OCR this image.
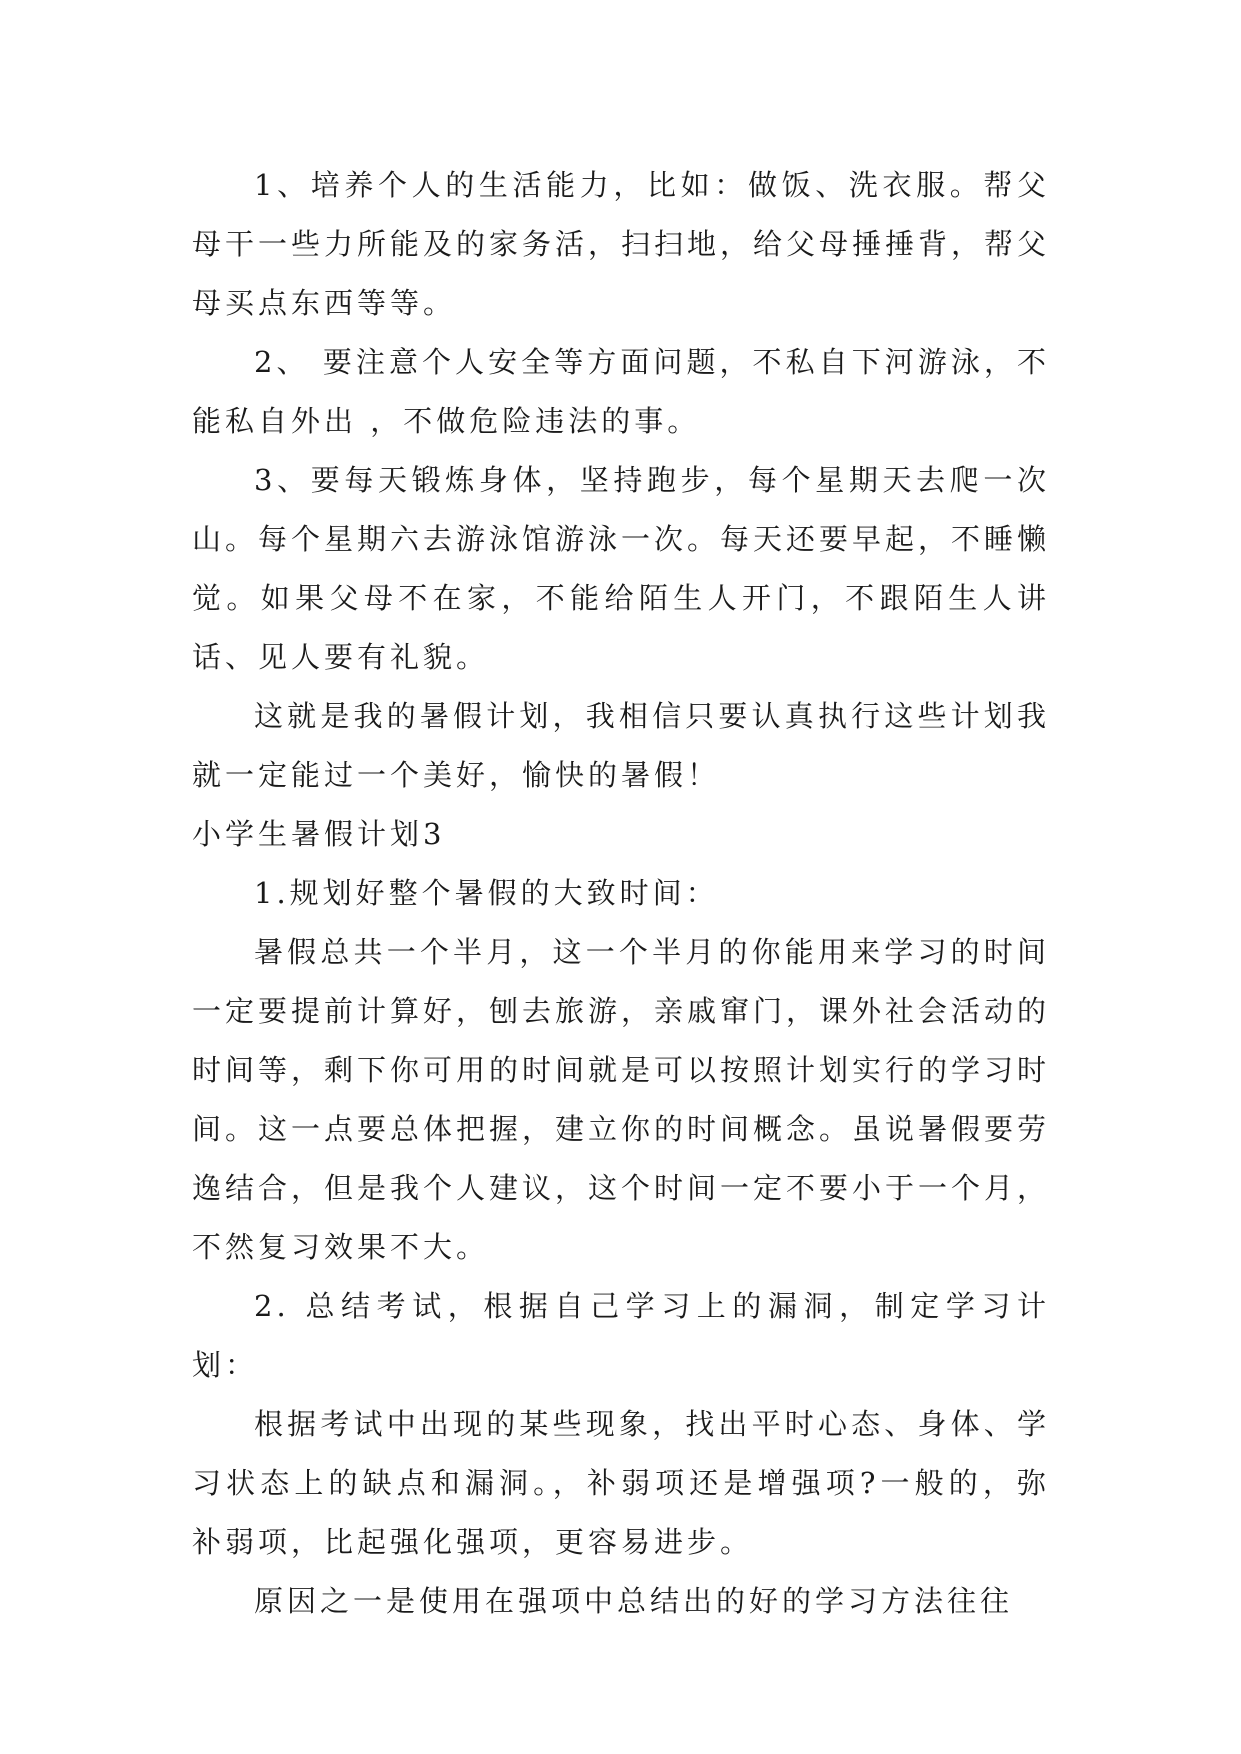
1、培养个人的生活能力，比如：做饭、洗衣服。帮父母干一些力所能及的家务活，扫扫地，给父母捶捶背，帮父母买点东西等等。

2、 要注意个人安全等方面问题，不私自下河游泳，不能私自外出 ，不做危险违法的事。

3、要每天锻炼身体，坚持跑步，每个星期天去爬一次山。每个星期六去游泳馆游泳一次。每天还要早起，不睡懒觉。如果父母不在家，不能给陌生人开门，不跟陌生人讲话、见人要有礼貌。

这就是我的暑假计划，我相信只要认真执行这些计划我就一定能过一个美好，愉快的暑假！

小学生暑假计划3

1.规划好整个暑假的大致时间：

暑假总共一个半月，这一个半月的你能用来学习的时间一定要提前计算好，刨去旅游，亲戚窜门，课外社会活动的时间等，剩下你可用的时间就是可以按照计划实行的学习时间。这一点要总体把握，建立你的时间概念。虽说暑假要劳逸结合，但是我个人建议，这个时间一定不要小于一个月，不然复习效果不大。

2. 总结考试，根据自己学习上的漏洞，制定学习计划：

根据考试中出现的某些现象，找出平时心态、身体、学习状态上的缺点和漏洞。，补弱项还是增强项?一般的，弥补弱项，比起强化强项，更容易进步。

原因之一是使用在强项中总结出的好的学习方法往往
